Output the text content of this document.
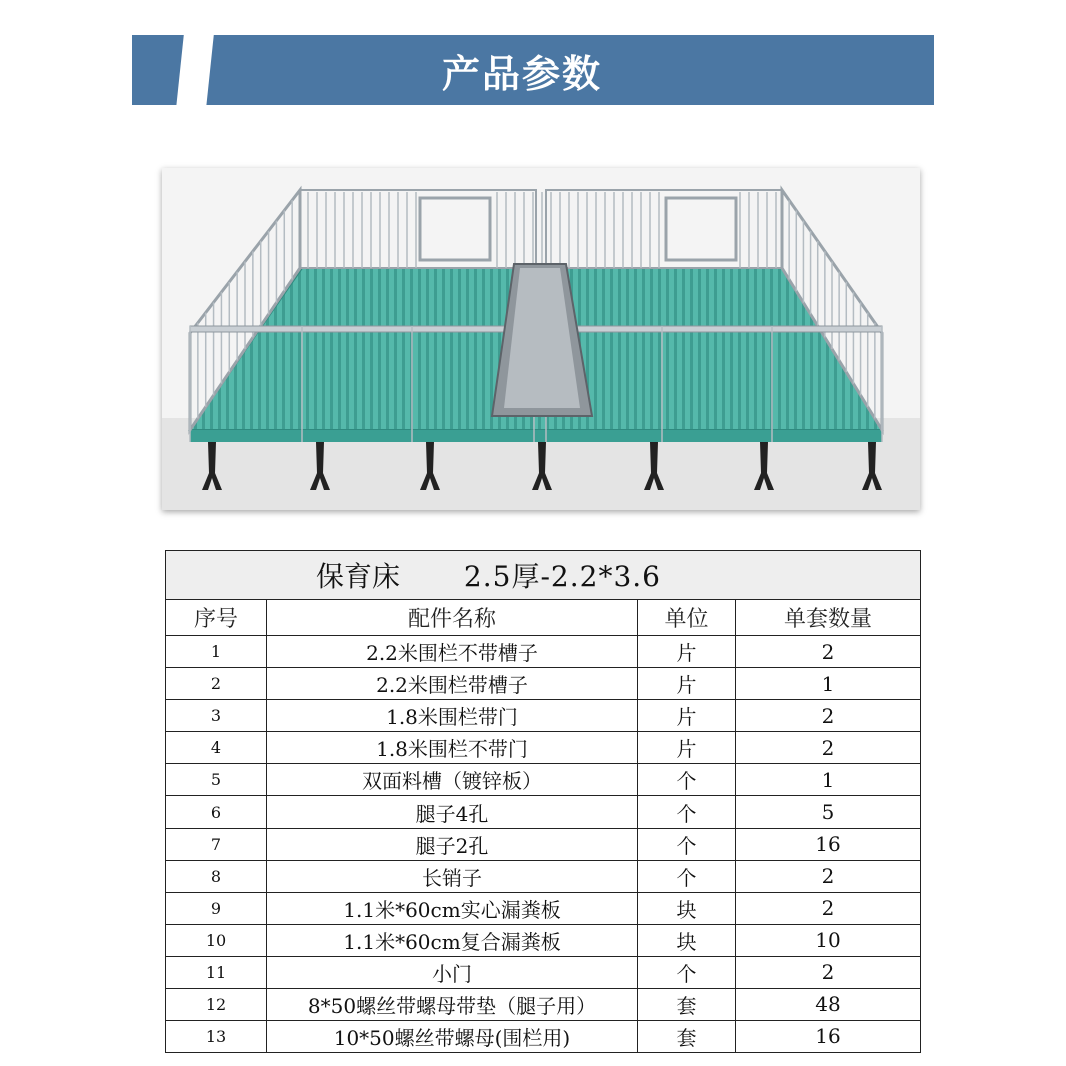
产品参数
保育床 2.5厚-2.2*3.6			
序号	配件名称	单位	单套数量
1	2.2米围栏不带槽子	片	2
2	2.2米围栏带槽子	片	1
3	1.8米围栏带门	片	2
4	1.8米围栏不带门	片	2
5	双面料槽（镀锌板）	个	1
6	腿子4孔	个	5
7	腿子2孔	个	16
8	长销子	个	2
9	1.1米*60cm实心漏粪板	块	2
10	1.1米*60cm复合漏粪板	块	10
11	小门	个	2
12	8*50螺丝带螺母带垫（腿子用）	套	48
13	10*50螺丝带螺母(围栏用)	套	16
